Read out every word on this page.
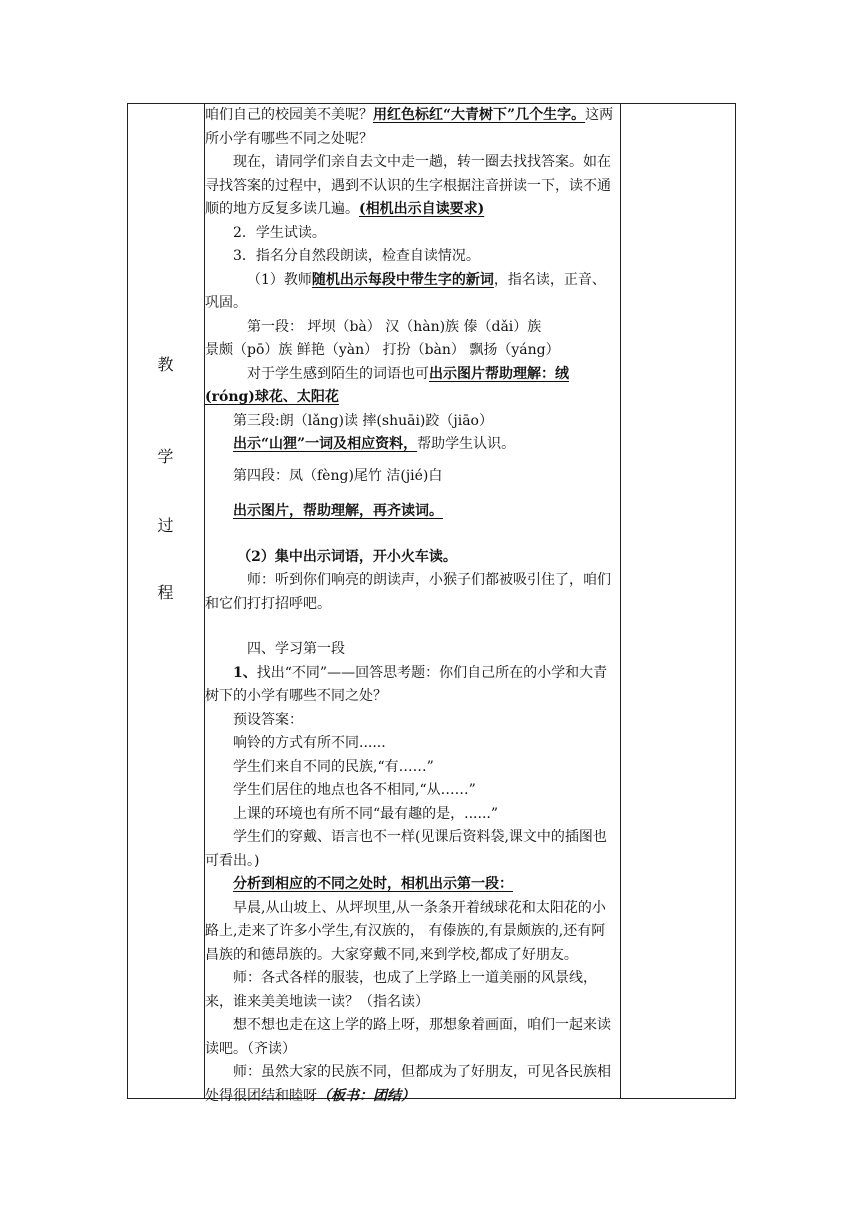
教
学
过
程

咱们自己的校园美不美呢？用红色标红“大青树下”几个生字。这两所小学有哪些不同之处呢？

现在，请同学们亲自去文中走一趟，转一圈去找找答案。如在寻找答案的过程中，遇到不认识的生字根据注音拼读一下，读不通顺的地方反复多读几遍。(相机出示自读要求)

2．学生试读。

3．指名分自然段朗读，检查自读情况。

（1）教师随机出示每段中带生字的新词，指名读，正音、巩固。

第一段： 坪坝（bà） 汉（hàn)族 傣（dǎi）族

景颇（pō）族 鲜艳（yàn） 打扮（bàn） 飘扬（yáng）

对于学生感到陌生的词语也可出示图片帮助理解：绒(róng)球花、太阳花

第三段:朗（lǎng)读 摔(shuāi)跤（jiāo）

出示“山狸”一词及相应资料，帮助学生认识。

第四段：凤（fèng)尾竹 洁(jié)白

出示图片，帮助理解，再齐读词。

（2）集中出示词语，开小火车读。

师：听到你们响亮的朗读声，小猴子们都被吸引住了，咱们和它们打打招呼吧。

四、学习第一段

1、找出“不同”——回答思考题：你们自己所在的小学和大青树下的小学有哪些不同之处？

预设答案：

响铃的方式有所不同......

学生们来自不同的民族,“有……”

学生们居住的地点也各不相同,“从……”

上课的环境也有所不同“最有趣的是，......”

学生们的穿戴、语言也不一样(见课后资料袋,课文中的插图也可看出。)

分析到相应的不同之处时，相机出示第一段：

早晨,从山坡上、从坪坝里,从一条条开着绒球花和太阳花的小路上,走来了许多小学生,有汉族的， 有傣族的,有景颇族的,还有阿昌族的和德昂族的。大家穿戴不同,来到学校,都成了好朋友。

师：各式各样的服装，也成了上学路上一道美丽的风景线，来，谁来美美地读一读？（指名读）

想不想也走在这上学的路上呀，那想象着画面，咱们一起来读读吧。（齐读）

师：虽然大家的民族不同，但都成为了好朋友，可见各民族相处得很团结和睦呀（板书：团结）
